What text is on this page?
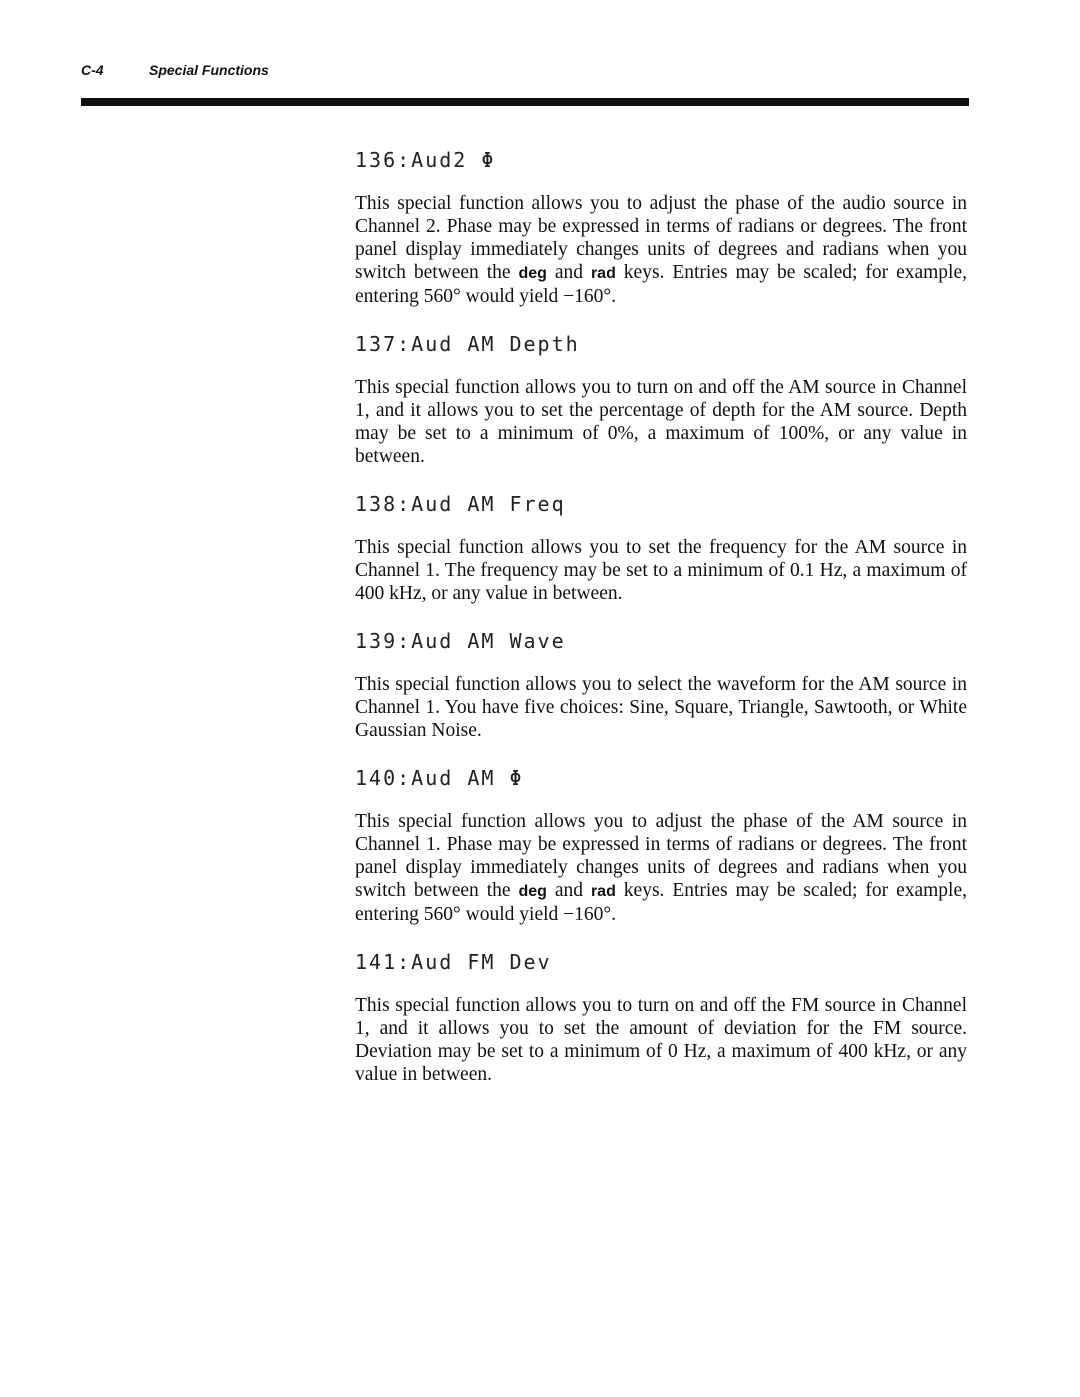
C-4	Special Functions
136:Aud2 Φ

This special function allows you to adjust the phase of the audio source in Channel 2. Phase may be expressed in terms of radians or degrees. The front panel display immediately changes units of degrees and radians when you switch between the deg and rad keys. Entries may be scaled; for example, entering 560° would yield −160°.

137:Aud AM Depth

This special function allows you to turn on and off the AM source in Channel 1, and it allows you to set the percentage of depth for the AM source. Depth may be set to a minimum of 0%, a maximum of 100%, or any value in between.

138:Aud AM Freq

This special function allows you to set the frequency for the AM source in Channel 1. The frequency may be set to a minimum of 0.1 Hz, a maximum of 400 kHz, or any value in between.

139:Aud AM Wave

This special function allows you to select the waveform for the AM source in Channel 1. You have five choices: Sine, Square, Triangle, Sawtooth, or White Gaussian Noise.

140:Aud AM Φ

This special function allows you to adjust the phase of the AM source in Channel 1. Phase may be expressed in terms of radians or degrees. The front panel display immediately changes units of degrees and radians when you switch between the deg and rad keys. Entries may be scaled; for example, entering 560° would yield −160°.

141:Aud FM Dev

This special function allows you to turn on and off the FM source in Channel 1, and it allows you to set the amount of deviation for the FM source. Deviation may be set to a minimum of 0 Hz, a maximum of 400 kHz, or any value in between.
